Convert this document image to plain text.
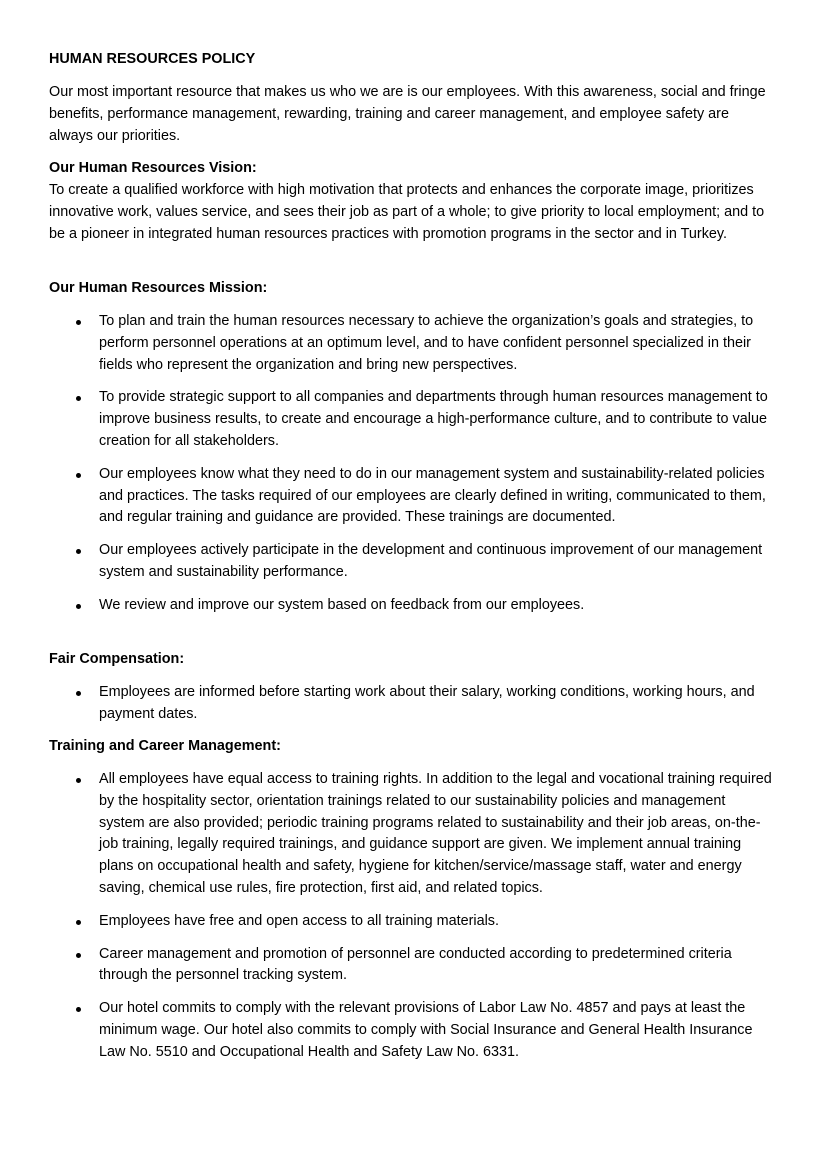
HUMAN RESOURCES POLICY

Our most important resource that makes us who we are is our employees. With this awareness, social and fringe benefits, performance management, rewarding, training and career management, and employee safety are always our priorities.

Our Human Resources Vision:

To create a qualified workforce with high motivation that protects and enhances the corporate image, prioritizes innovative work, values service, and sees their job as part of a whole; to give priority to local employment; and to be a pioneer in integrated human resources practices with promotion programs in the sector and in Turkey.

Our Human Resources Mission:

To plan and train the human resources necessary to achieve the organization’s goals and strategies, to perform personnel operations at an optimum level, and to have confident personnel specialized in their fields who represent the organization and bring new perspectives.
To provide strategic support to all companies and departments through human resources management to improve business results, to create and encourage a high-performance culture, and to contribute to value creation for all stakeholders.
Our employees know what they need to do in our management system and sustainability-related policies and practices. The tasks required of our employees are clearly defined in writing, communicated to them, and regular training and guidance are provided. These trainings are documented.
Our employees actively participate in the development and continuous improvement of our management system and sustainability performance.
We review and improve our system based on feedback from our employees.

Fair Compensation:

Employees are informed before starting work about their salary, working conditions, working hours, and payment dates.

Training and Career Management:

All employees have equal access to training rights. In addition to the legal and vocational training required by the hospitality sector, orientation trainings related to our sustainability policies and management system are also provided; periodic training programs related to sustainability and their job areas, on-the-job training, legally required trainings, and guidance support are given. We implement annual training plans on occupational health and safety, hygiene for kitchen/service/massage staff, water and energy saving, chemical use rules, fire protection, first aid, and related topics.
Employees have free and open access to all training materials.
Career management and promotion of personnel are conducted according to predetermined criteria through the personnel tracking system.
Our hotel commits to comply with the relevant provisions of Labor Law No. 4857 and pays at least the minimum wage. Our hotel also commits to comply with Social Insurance and General Health Insurance Law No. 5510 and Occupational Health and Safety Law No. 6331.
